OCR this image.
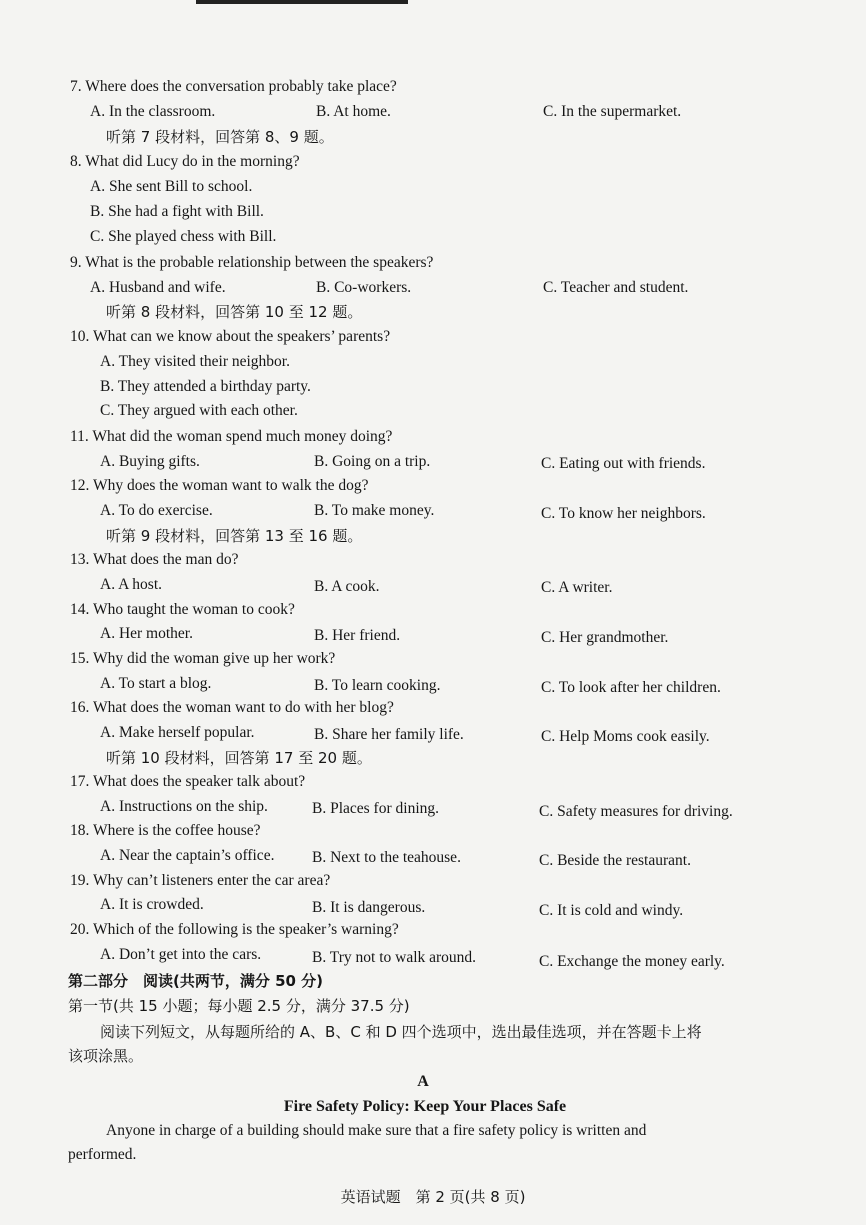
7. Where does the conversation probably take place?
A. In the classroom.	B. At home.	C. In the supermarket.
听第 7 段材料，回答第 8、9 题。
8. What did Lucy do in the morning?
A. She sent Bill to school.
B. She had a fight with Bill.
C. She played chess with Bill.
9. What is the probable relationship between the speakers?
A. Husband and wife.	B. Co-workers.	C. Teacher and student.
听第 8 段材料，回答第 10 至 12 题。
10. What can we know about the speakers’ parents?
A. They visited their neighbor.
B. They attended a birthday party.
C. They argued with each other.
11. What did the woman spend much money doing?
A. Buying gifts.	B. Going on a trip.	C. Eating out with friends.
12. Why does the woman want to walk the dog?
A. To do exercise.	B. To make money.	C. To know her neighbors.
听第 9 段材料，回答第 13 至 16 题。
13. What does the man do?
A. A host.	B. A cook.	C. A writer.
14. Who taught the woman to cook?
A. Her mother.	B. Her friend.	C. Her grandmother.
15. Why did the woman give up her work?
A. To start a blog.	B. To learn cooking.	C. To look after her children.
16. What does the woman want to do with her blog?
A. Make herself popular.	B. Share her family life.	C. Help Moms cook easily.
听第 10 段材料，回答第 17 至 20 题。
17. What does the speaker talk about?
A. Instructions on the ship.	B. Places for dining.	C. Safety measures for driving.
18. Where is the coffee house?
A. Near the captain’s office. B. Next to the teahouse.	C. Beside the restaurant.
19. Why can’t listeners enter the car area?
A. It is crowded.	B. It is dangerous.	C. It is cold and windy.
20. Which of the following is the speaker’s warning?
A. Don’t get into the cars.	B. Try not to walk around.	C. Exchange the money early.
第二部分　阅读(共两节，满分 50 分)
第一节(共 15 小题；每小题 2.5 分，满分 37.5 分)
阅读下列短文，从每题所给的 A、B、C 和 D 四个选项中，选出最佳选项，并在答题卡上将
该项涂黑。
A
Fire Safety Policy: Keep Your Places Safe
Anyone in charge of a building should make sure that a fire safety policy is written and
performed.
英语试题　第 2 页(共 8 页)
